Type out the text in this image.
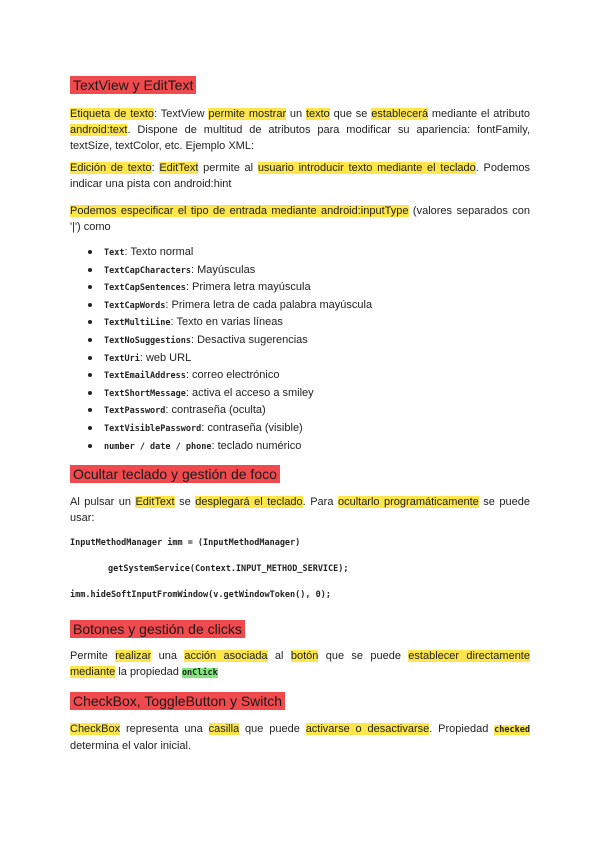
TextView y EditText
Etiqueta de texto: TextView permite mostrar un texto que se establecerá mediante el atributo android:text. Dispone de multitud de atributos para modificar su apariencia: fontFamily, textSize, textColor, etc. Ejemplo XML:
Edición de texto: EditText permite al usuario introducir texto mediante el teclado. Podemos indicar una pista con android:hint
Podemos especificar el tipo de entrada mediante android:inputType (valores separados con '|') como
Text: Texto normal
TextCapCharacters: Mayúsculas
TextCapSentences: Primera letra mayúscula
TextCapWords: Primera letra de cada palabra mayúscula
TextMultiLine: Texto en varias líneas
TextNoSuggestions: Desactiva sugerencias
TextUri: web URL
TextEmailAddress: correo electrónico
TextShortMessage: activa el acceso a smiley
TextPassword: contraseña (oculta)
TextVisiblePassword: contraseña (visible)
number / date / phone: teclado numérico
Ocultar teclado y gestión de foco
Al pulsar un EditText se desplegará el teclado. Para ocultarlo programáticamente se puede usar:
InputMethodManager imm = (InputMethodManager)
getSystemService(Context.INPUT_METHOD_SERVICE);
imm.hideSoftInputFromWindow(v.getWindowToken(), 0);
Botones y gestión de clicks
Permite realizar una acción asociada al botón que se puede establecer directamente mediante la propiedad onClick
CheckBox, ToggleButton y Switch
CheckBox representa una casilla que puede activarse o desactivarse. Propiedad checked determina el valor inicial.
